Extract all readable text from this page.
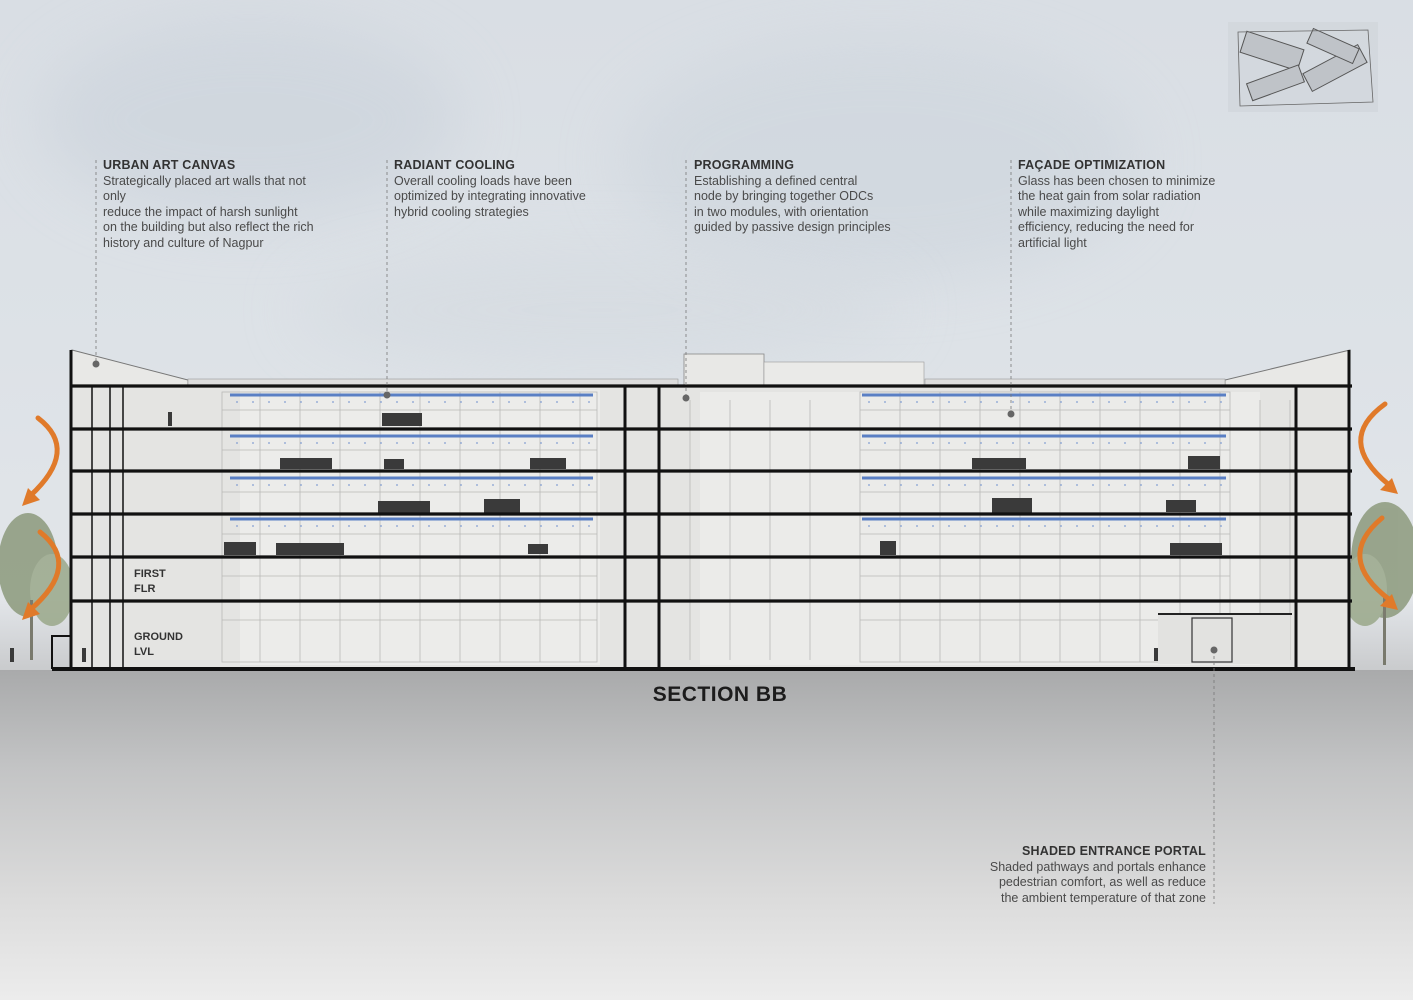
URBAN ART CANVAS
Strategically placed art walls that not
only
reduce the impact of harsh sunlight
on the building but also reflect the rich
history and culture of Nagpur
RADIANT COOLING
Overall cooling loads have been
optimized by integrating innovative
hybrid cooling strategies
PROGRAMMING
Establishing a defined central
node by bringing together ODCs
in two modules, with orientation
guided by passive design principles
FAÇADE OPTIMIZATION
Glass has been chosen to minimize
the heat gain from solar radiation
while maximizing daylight
efficiency, reducing the need for
artificial light
SHADED ENTRANCE PORTAL
Shaded pathways and portals enhance
pedestrian comfort, as well as reduce
the ambient temperature of that zone
FIRST
FLR
GROUND
LVL
SECTION BB
